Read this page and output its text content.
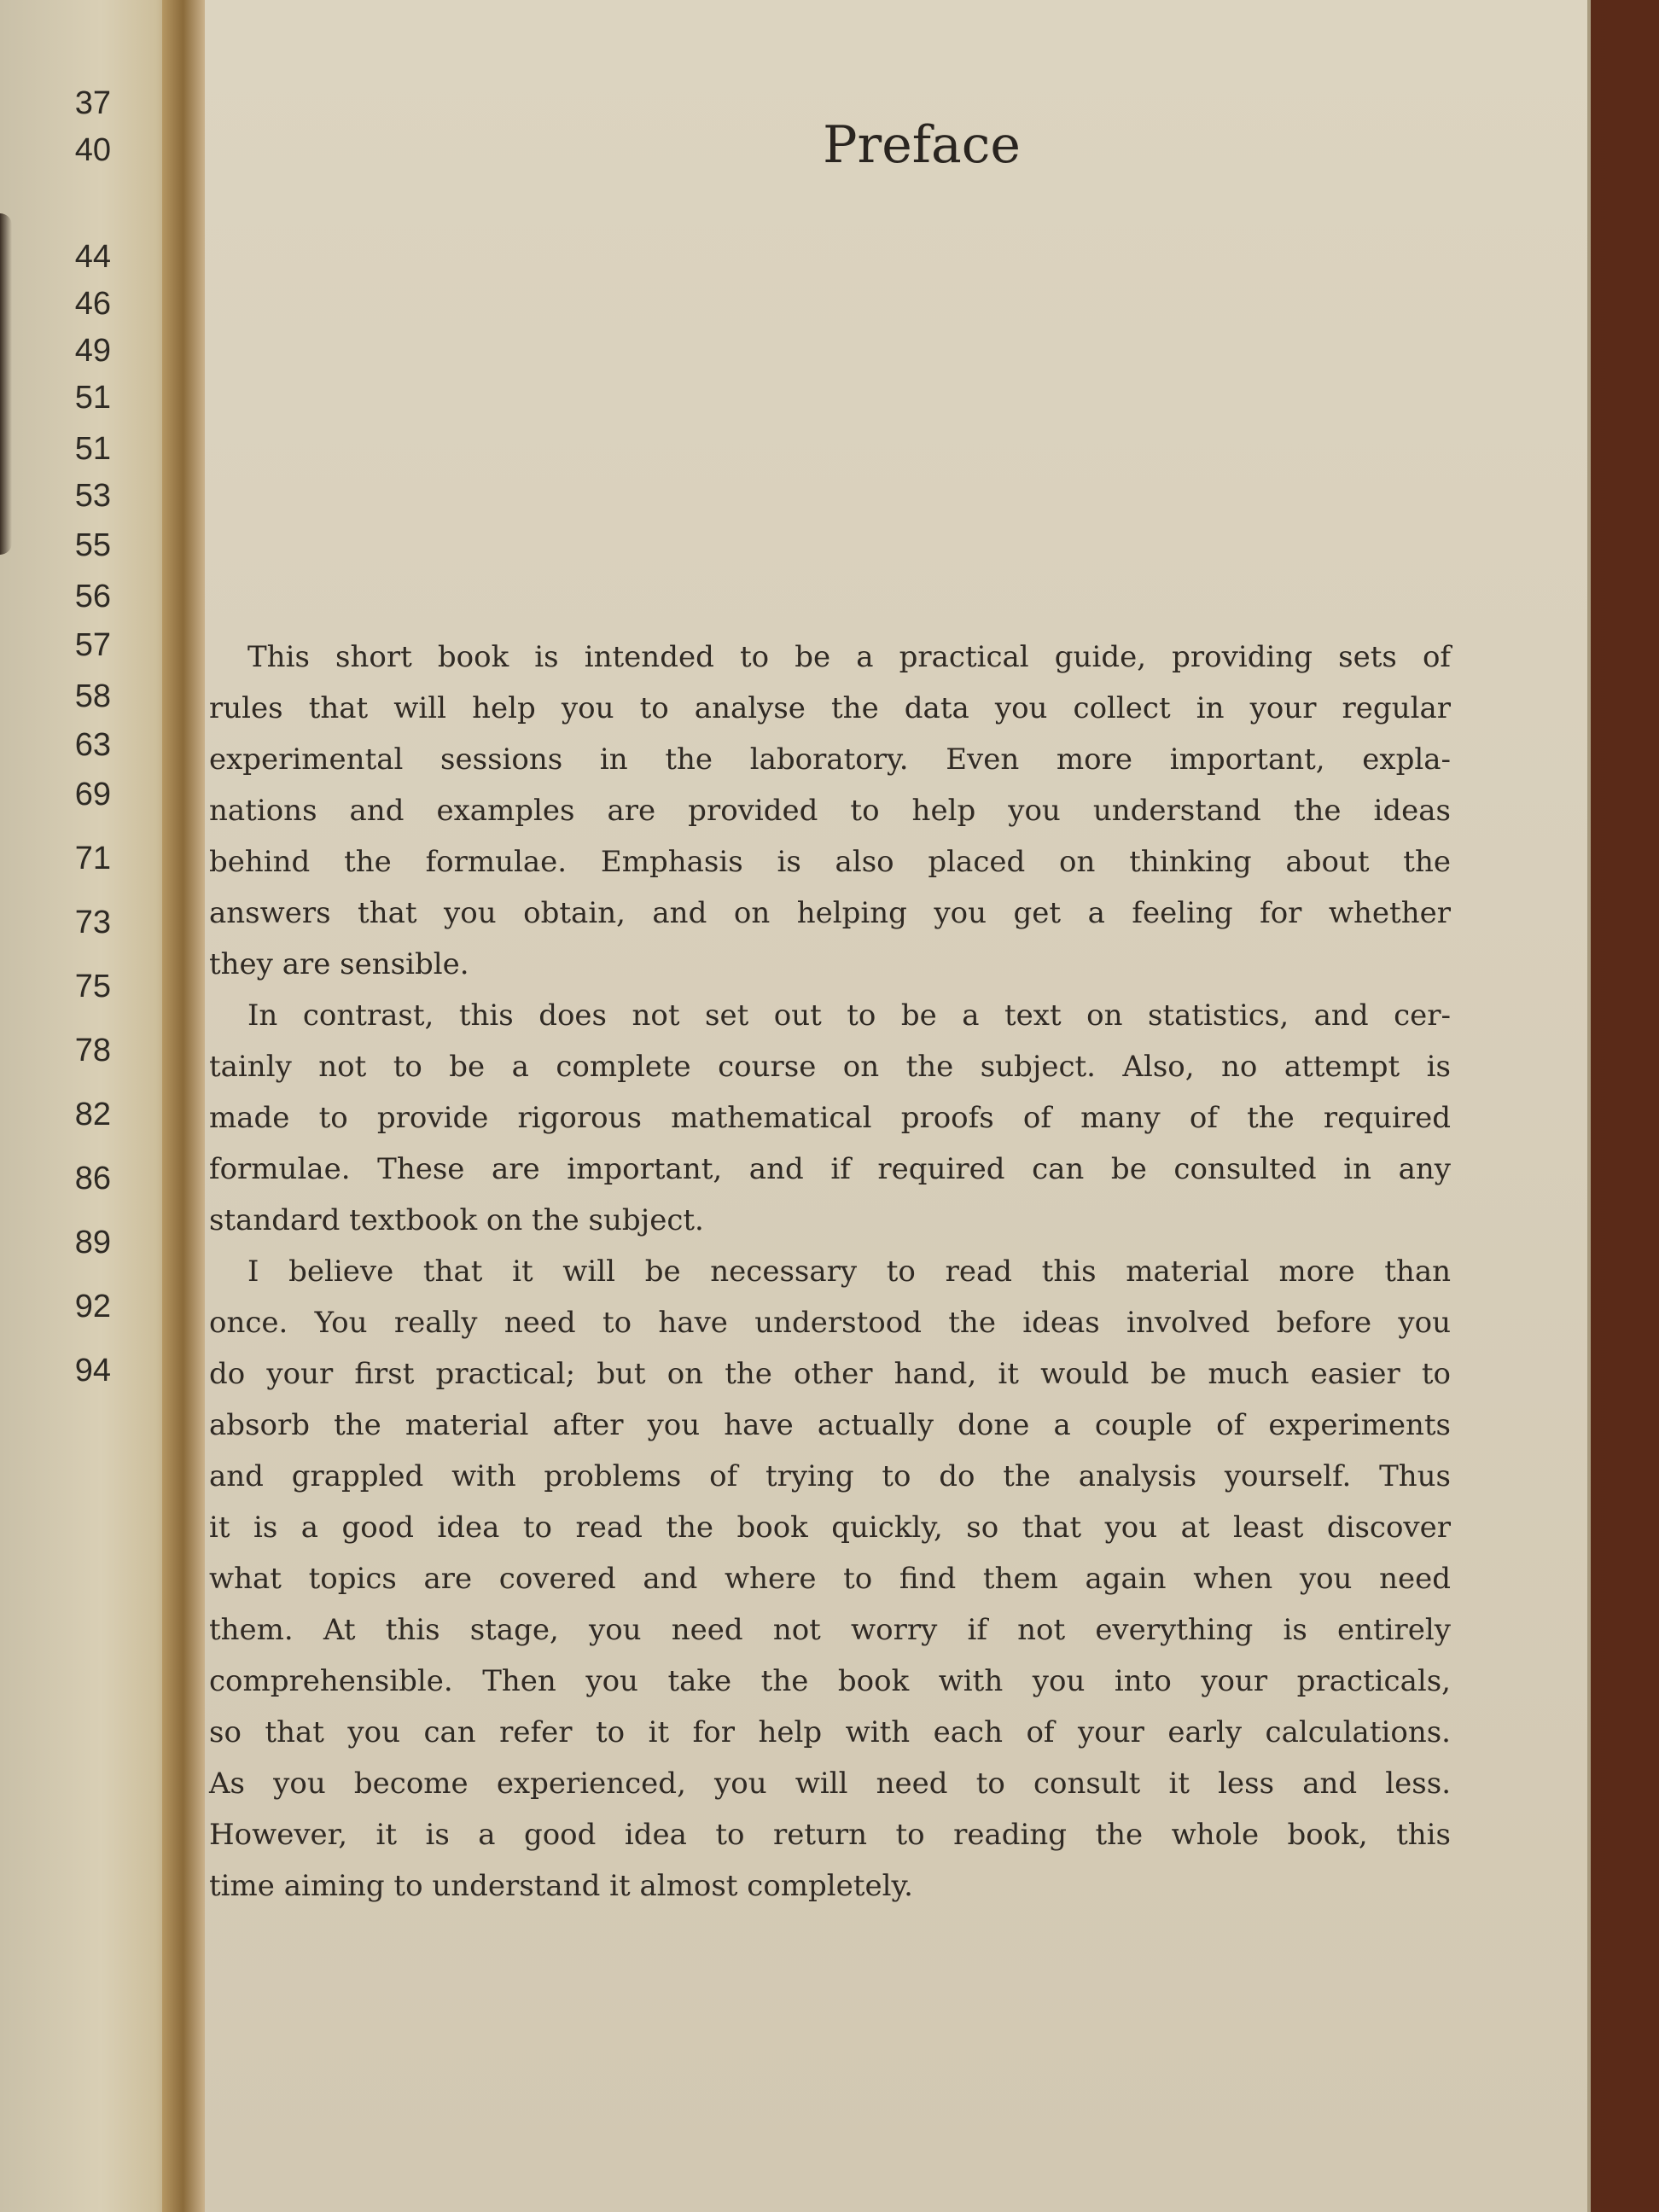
37
40
44
46
49
51
51
53
55
56
57
58
63
69
71
73
75
78
82
86
89
92
94
Preface
This short book is intended to be a practical guide, providing sets of
rules that will help you to analyse the data you collect in your regular
experimental sessions in the laboratory. Even more important, expla-
nations and examples are provided to help you understand the ideas
behind the formulae. Emphasis is also placed on thinking about the
answers that you obtain, and on helping you get a feeling for whether
they are sensible.
In contrast, this does not set out to be a text on statistics, and cer-
tainly not to be a complete course on the subject. Also, no attempt is
made to provide rigorous mathematical proofs of many of the required
formulae. These are important, and if required can be consulted in any
standard textbook on the subject.
I believe that it will be necessary to read this material more than
once. You really need to have understood the ideas involved before you
do your first practical; but on the other hand, it would be much easier to
absorb the material after you have actually done a couple of experiments
and grappled with problems of trying to do the analysis yourself. Thus
it is a good idea to read the book quickly, so that you at least discover
what topics are covered and where to find them again when you need
them. At this stage, you need not worry if not everything is entirely
comprehensible. Then you take the book with you into your practicals,
so that you can refer to it for help with each of your early calculations.
As you become experienced, you will need to consult it less and less.
However, it is a good idea to return to reading the whole book, this
time aiming to understand it almost completely.
